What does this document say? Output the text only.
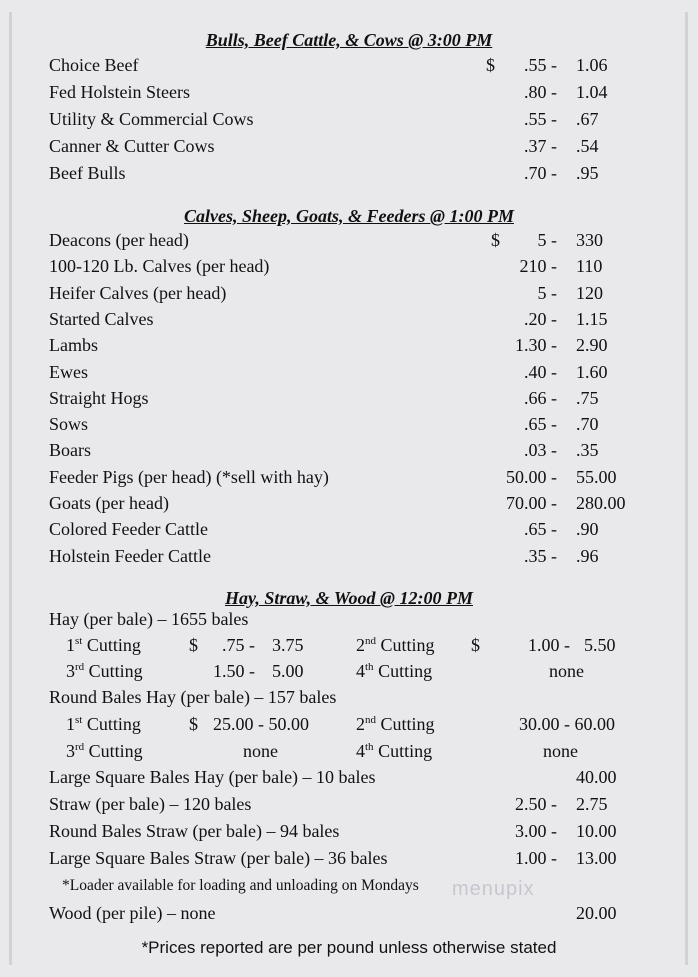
Bulls, Beef Cattle, & Cows @ 3:00 PM
Choice Beef	$	.55 - 1.06
Fed Holstein Steers	.80 - 1.04
Utility & Commercial Cows	.55 - .67
Canner & Cutter Cows	.37 - .54
Beef Bulls	.70 - .95
Calves, Sheep, Goats, & Feeders @ 1:00 PM
Deacons (per head)	$	5 - 330
100-120 Lb. Calves (per head)	210 - 110
Heifer Calves (per head)	5 - 120
Started Calves	.20 - 1.15
Lambs	1.30 - 2.90
Ewes	.40 - 1.60
Straight Hogs	.66 - .75
Sows	.65 - .70
Boars	.03 - .35
Feeder Pigs (per head) (*sell with hay)	50.00 - 55.00
Goats (per head)	70.00 - 280.00
Colored Feeder Cattle	.65 - .90
Holstein Feeder Cattle	.35 - .96
Hay, Straw, & Wood @ 12:00 PM
Hay (per bale) – 1655 bales
1st Cutting	$	.75 - 3.75	2nd Cutting $	1.00 - 5.50
3rd Cutting	1.50 - 5.00	4th Cutting	none
Round Bales Hay (per bale) – 157 bales
1st Cutting	$ 25.00 - 50.00	2nd Cutting	30.00 - 60.00
3rd Cutting	none	4th Cutting	none
Large Square Bales Hay (per bale) – 10 bales	40.00
Straw (per bale) – 120 bales	2.50 - 2.75
Round Bales Straw (per bale) – 94 bales	3.00 - 10.00
Large Square Bales Straw (per bale) – 36 bales	1.00 - 13.00
*Loader available for loading and unloading on Mondays menupix
Wood (per pile) – none	20.00
*Prices reported are per pound unless otherwise stated
